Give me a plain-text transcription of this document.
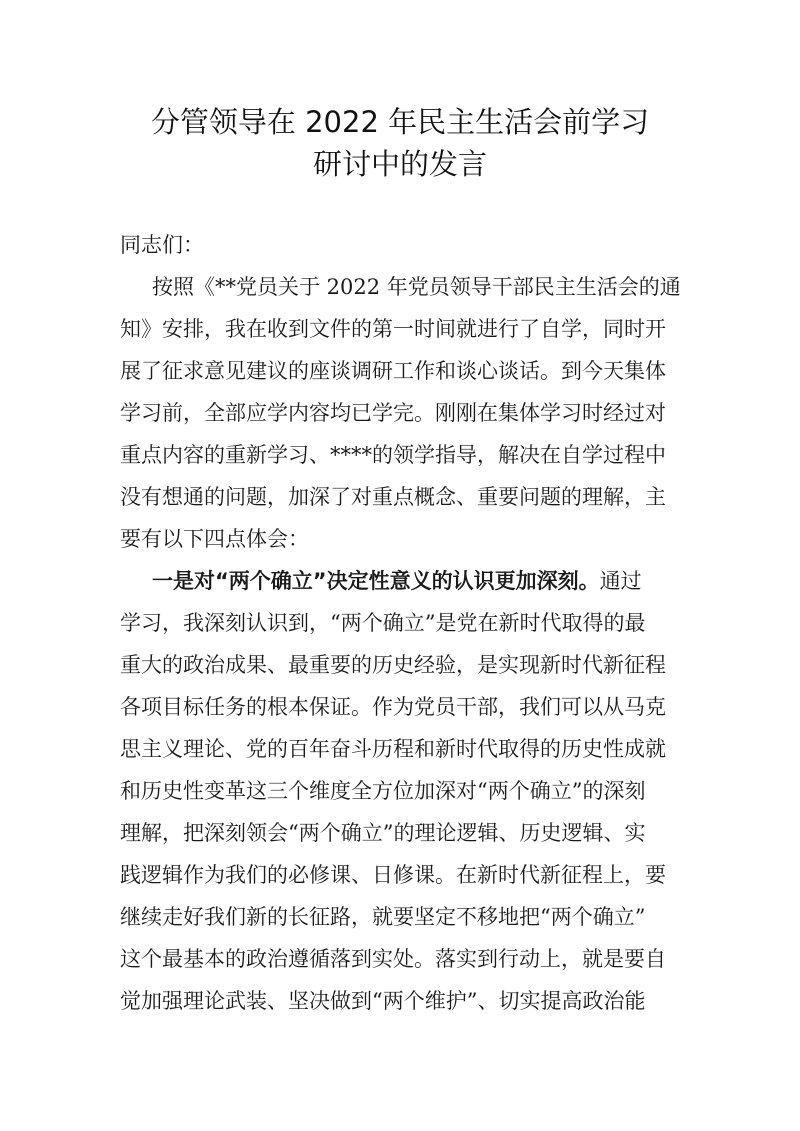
分管领导在 2022 年民主生活会前学习
研讨中的发言
同志们：
按照《**党员关于 2022 年党员领导干部民主生活会的通
知》安排，我在收到文件的第一时间就进行了自学，同时开
展了征求意见建议的座谈调研工作和谈心谈话。到今天集体
学习前，全部应学内容均已学完。刚刚在集体学习时经过对
重点内容的重新学习、****的领学指导，解决在自学过程中
没有想通的问题，加深了对重点概念、重要问题的理解，主
要有以下四点体会：
一是对“两个确立”决定性意义的认识更加深刻。通过
学习，我深刻认识到，“两个确立”是党在新时代取得的最
重大的政治成果、最重要的历史经验，是实现新时代新征程
各项目标任务的根本保证。作为党员干部，我们可以从马克
思主义理论、党的百年奋斗历程和新时代取得的历史性成就
和历史性变革这三个维度全方位加深对“两个确立”的深刻
理解，把深刻领会“两个确立”的理论逻辑、历史逻辑、实
践逻辑作为我们的必修课、日修课。在新时代新征程上，要
继续走好我们新的长征路，就要坚定不移地把“两个确立”
这个最基本的政治遵循落到实处。落实到行动上，就是要自
觉加强理论武装、坚决做到“两个维护”、切实提高政治能
